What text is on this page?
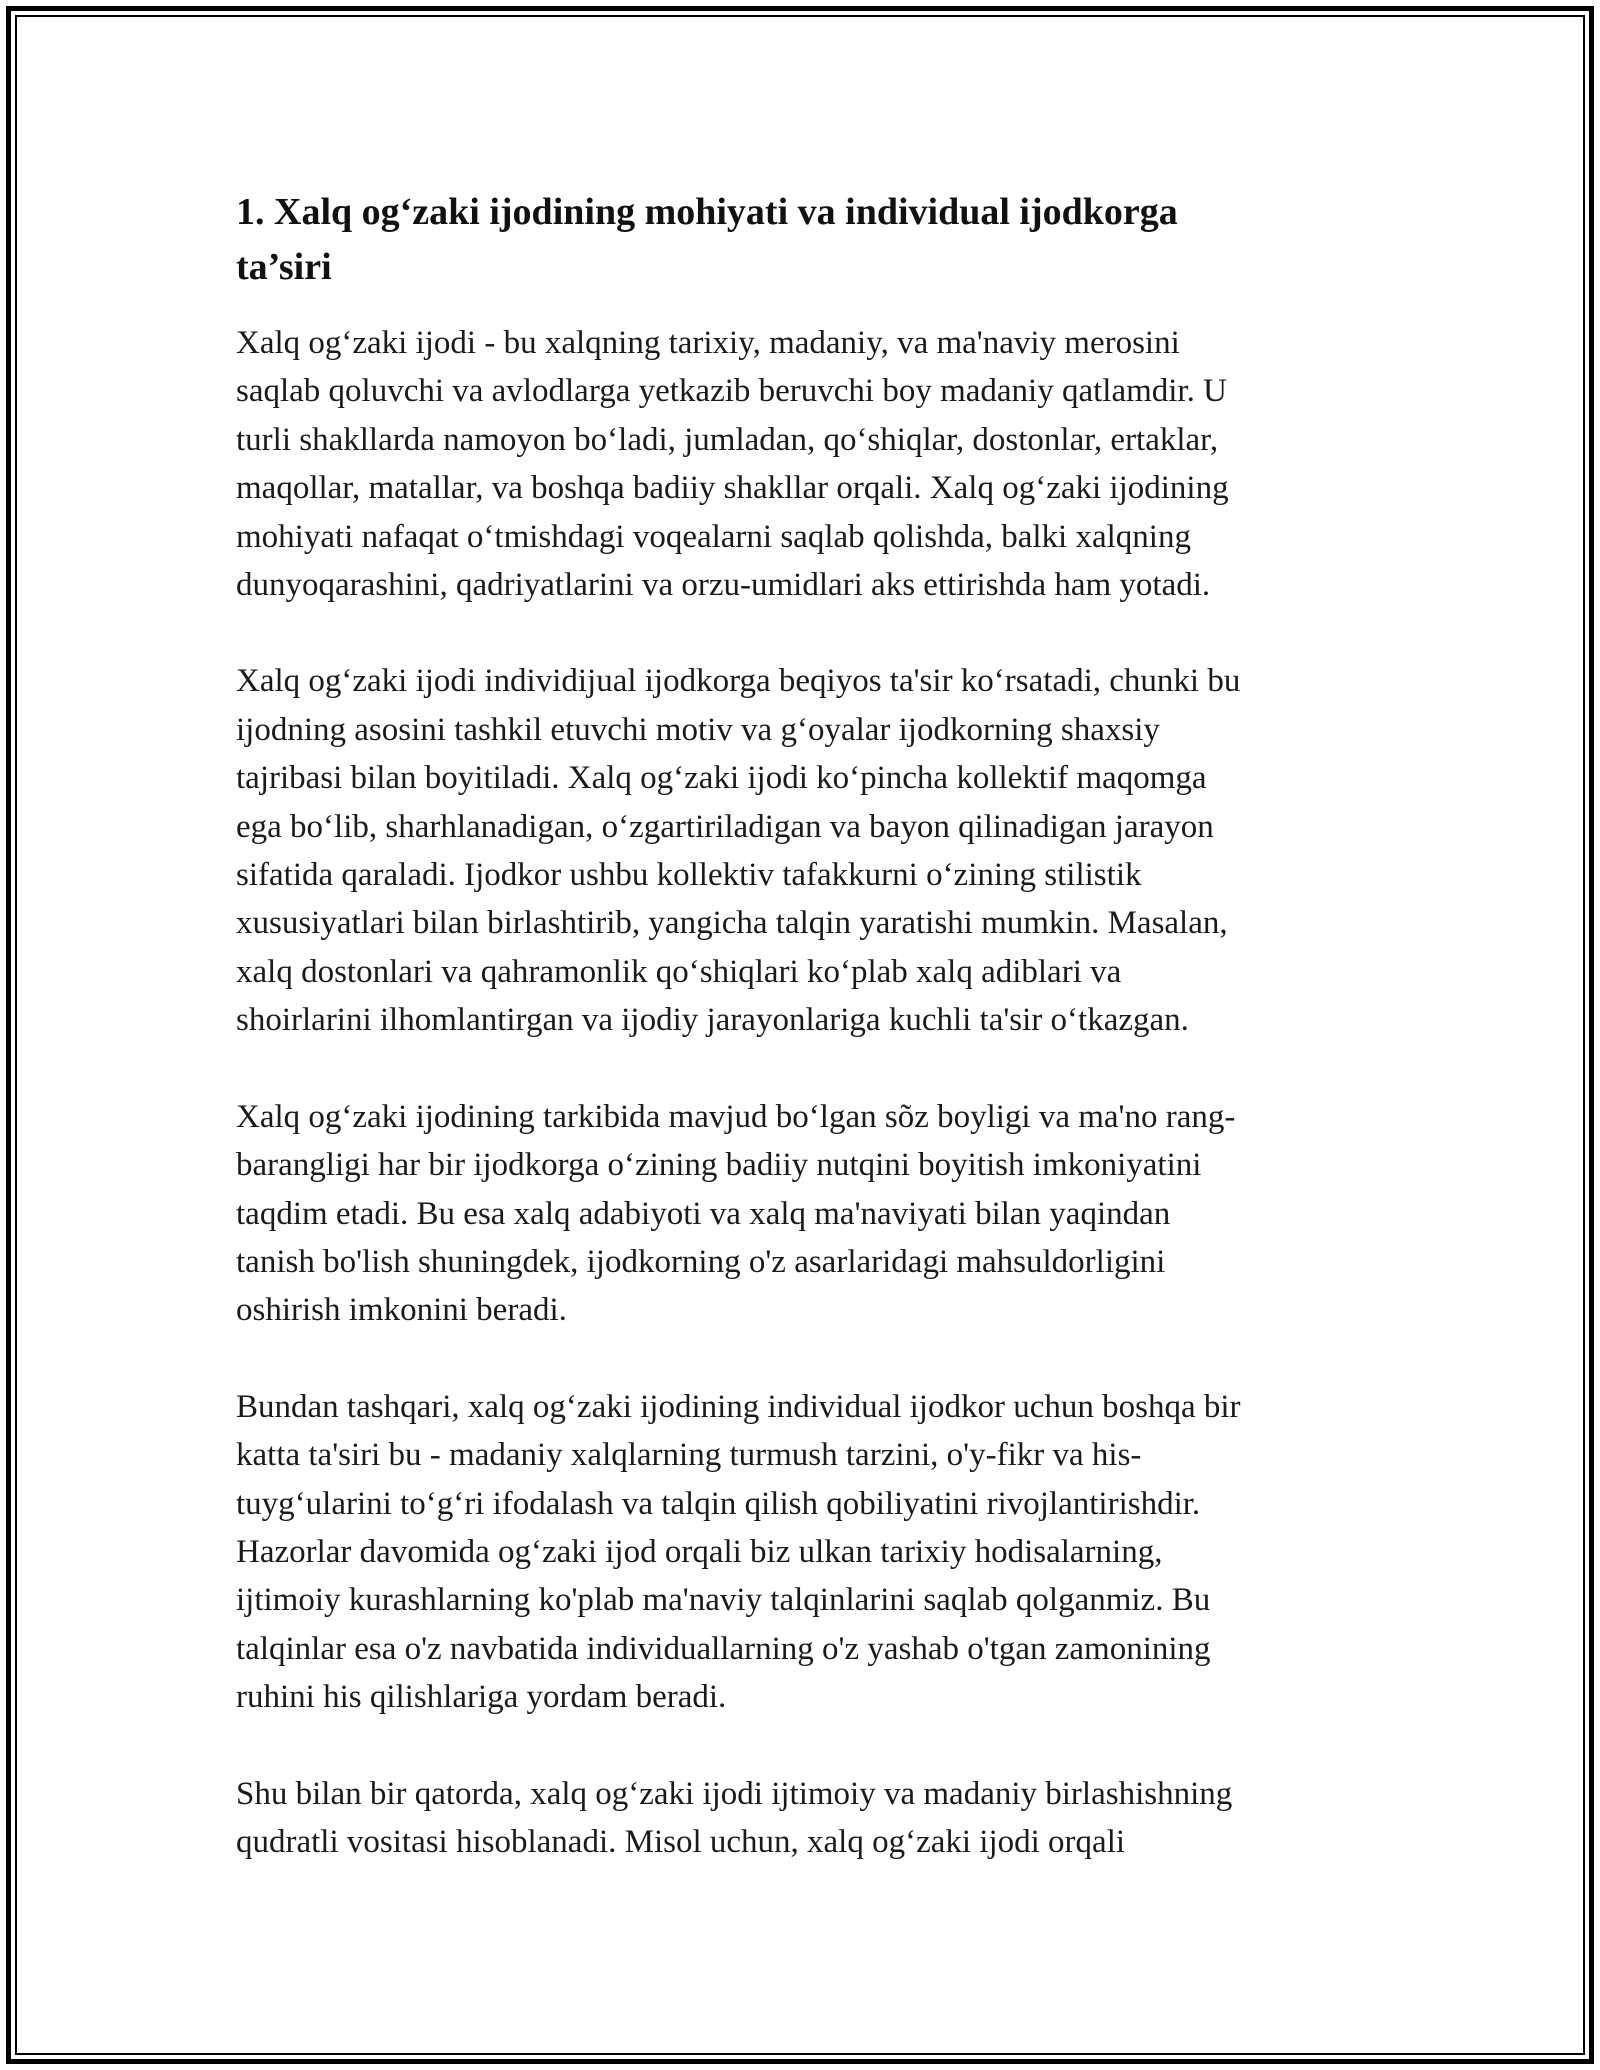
1. Xalq og‘zaki ijodining mohiyati va individual ijodkorga
ta’siri

Xalq og‘zaki ijodi - bu xalqning tarixiy, madaniy, va ma'naviy merosini
saqlab qoluvchi va avlodlarga yetkazib beruvchi boy madaniy qatlamdir. U
turli shakllarda namoyon bo‘ladi, jumladan, qo‘shiqlar, dostonlar, ertaklar,
maqollar, matallar, va boshqa badiiy shakllar orqali. Xalq og‘zaki ijodining
mohiyati nafaqat o‘tmishdagi voqealarni saqlab qolishda, balki xalqning
dunyoqarashini, qadriyatlarini va orzu-umidlari aks ettirishda ham yotadi.

Xalq og‘zaki ijodi individijual ijodkorga beqiyos ta'sir ko‘rsatadi, chunki bu
ijodning asosini tashkil etuvchi motiv va g‘oyalar ijodkorning shaxsiy
tajribasi bilan boyitiladi. Xalq og‘zaki ijodi ko‘pincha kollektif maqomga
ega bo‘lib, sharhlanadigan, o‘zgartiriladigan va bayon qilinadigan jarayon
sifatida qaraladi. Ijodkor ushbu kollektiv tafakkurni o‘zining stilistik
xususiyatlari bilan birlashtirib, yangicha talqin yaratishi mumkin. Masalan,
xalq dostonlari va qahramonlik qo‘shiqlari ko‘plab xalq adiblari va
shoirlarini ilhomlantirgan va ijodiy jarayonlariga kuchli ta'sir o‘tkazgan.

Xalq og‘zaki ijodining tarkibida mavjud bo‘lgan sõz boyligi va ma'no rang-
barangligi har bir ijodkorga o‘zining badiiy nutqini boyitish imkoniyatini
taqdim etadi. Bu esa xalq adabiyoti va xalq ma'naviyati bilan yaqindan
tanish bo'lish shuningdek, ijodkorning o'z asarlaridagi mahsuldorligini
oshirish imkonini beradi.

Bundan tashqari, xalq og‘zaki ijodining individual ijodkor uchun boshqa bir
katta ta'siri bu - madaniy xalqlarning turmush tarzini, o'y-fikr va his-
tuyg‘ularini to‘g‘ri ifodalash va talqin qilish qobiliyatini rivojlantirishdir.
Hazorlar davomida og‘zaki ijod orqali biz ulkan tarixiy hodisalarning,
ijtimoiy kurashlarning ko'plab ma'naviy talqinlarini saqlab qolganmiz. Bu
talqinlar esa o'z navbatida individuallarning o'z yashab o'tgan zamonining
ruhini his qilishlariga yordam beradi.

Shu bilan bir qatorda, xalq og‘zaki ijodi ijtimoiy va madaniy birlashishning
qudratli vositasi hisoblanadi. Misol uchun, xalq og‘zaki ijodi orqali
